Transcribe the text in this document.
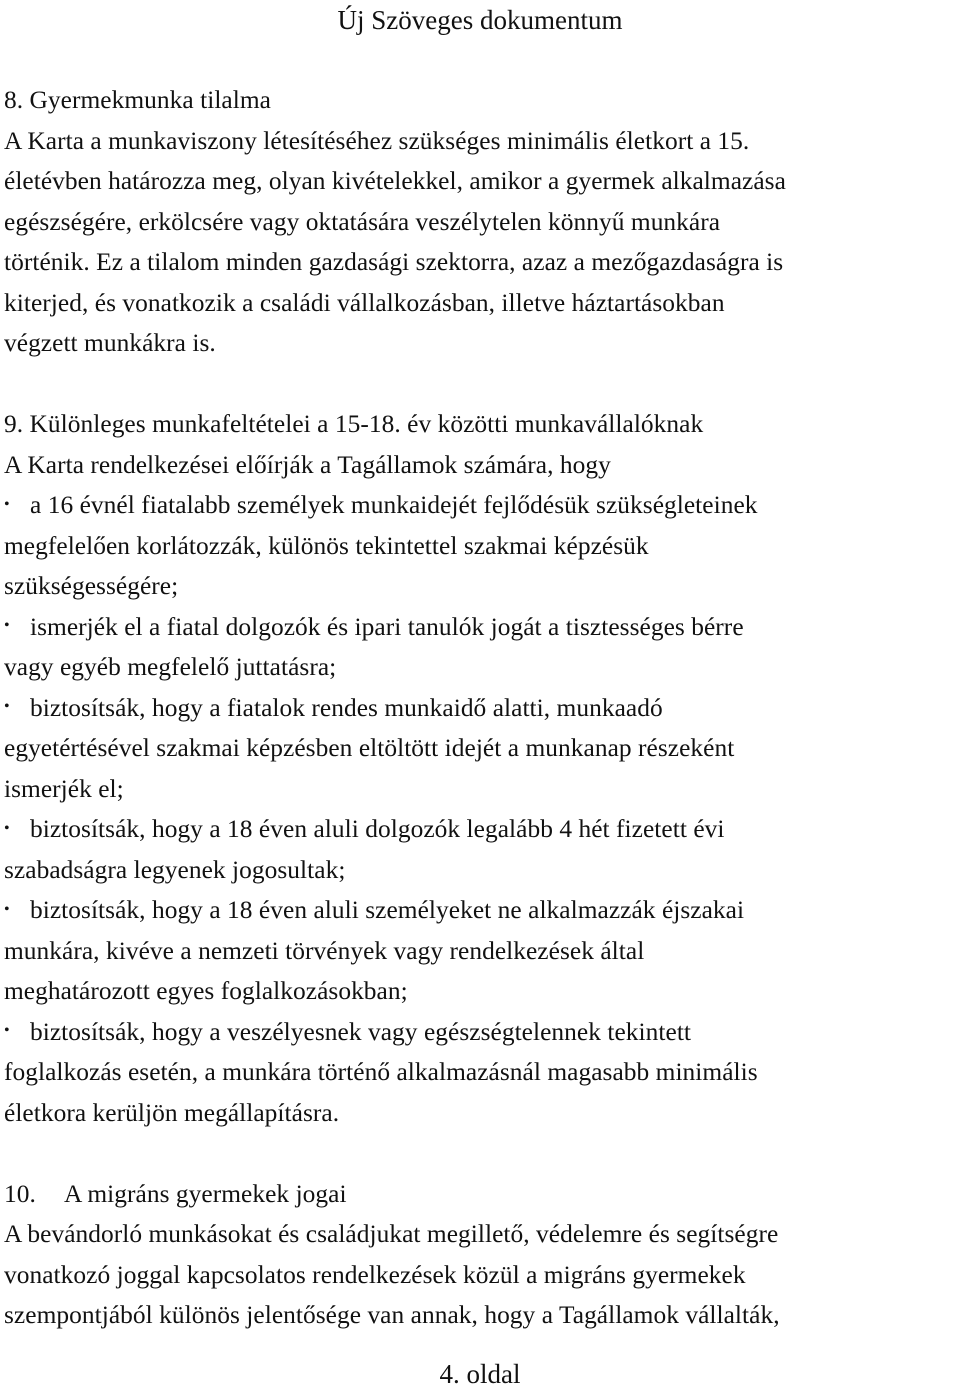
Új Szöveges dokumentum
8. Gyermekmunka tilalma
A Karta a munkaviszony létesítéséhez szükséges minimális életkort a 15.
életévben határozza meg, olyan kivételekkel, amikor a gyermek alkalmazása
egészségére, erkölcsére vagy oktatására veszélytelen könnyű munkára
történik. Ez a tilalom minden gazdasági szektorra, azaz a mezőgazdaságra is
kiterjed, és vonatkozik a családi vállalkozásban, illetve háztartásokban
végzett munkákra is.
9. Különleges munkafeltételei a 15-18. év közötti munkavállalóknak
A Karta rendelkezései előírják a Tagállamok számára, hogy
• a 16 évnél fiatalabb személyek munkaidejét fejlődésük szükségleteinek
megfelelően korlátozzák, különös tekintettel szakmai képzésük
szükségességére;
• ismerjék el a fiatal dolgozók és ipari tanulók jogát a tisztességes bérre
vagy egyéb megfelelő juttatásra;
• biztosítsák, hogy a fiatalok rendes munkaidő alatti, munkaadó
egyetértésével szakmai képzésben eltöltött idejét a munkanap részeként
ismerjék el;
• biztosítsák, hogy a 18 éven aluli dolgozók legalább 4 hét fizetett évi
szabadságra legyenek jogosultak;
• biztosítsák, hogy a 18 éven aluli személyeket ne alkalmazzák éjszakai
munkára, kivéve a nemzeti törvények vagy rendelkezések által
meghatározott egyes foglalkozásokban;
• biztosítsák, hogy a veszélyesnek vagy egészségtelennek tekintett
foglalkozás esetén, a munkára történő alkalmazásnál magasabb minimális
életkora kerüljön megállapításra.
10. A migráns gyermekek jogai
A bevándorló munkásokat és családjukat megillető, védelemre és segítségre
vonatkozó joggal kapcsolatos rendelkezések közül a migráns gyermekek
szempontjából különös jelentősége van annak, hogy a Tagállamok vállalták,
4. oldal
